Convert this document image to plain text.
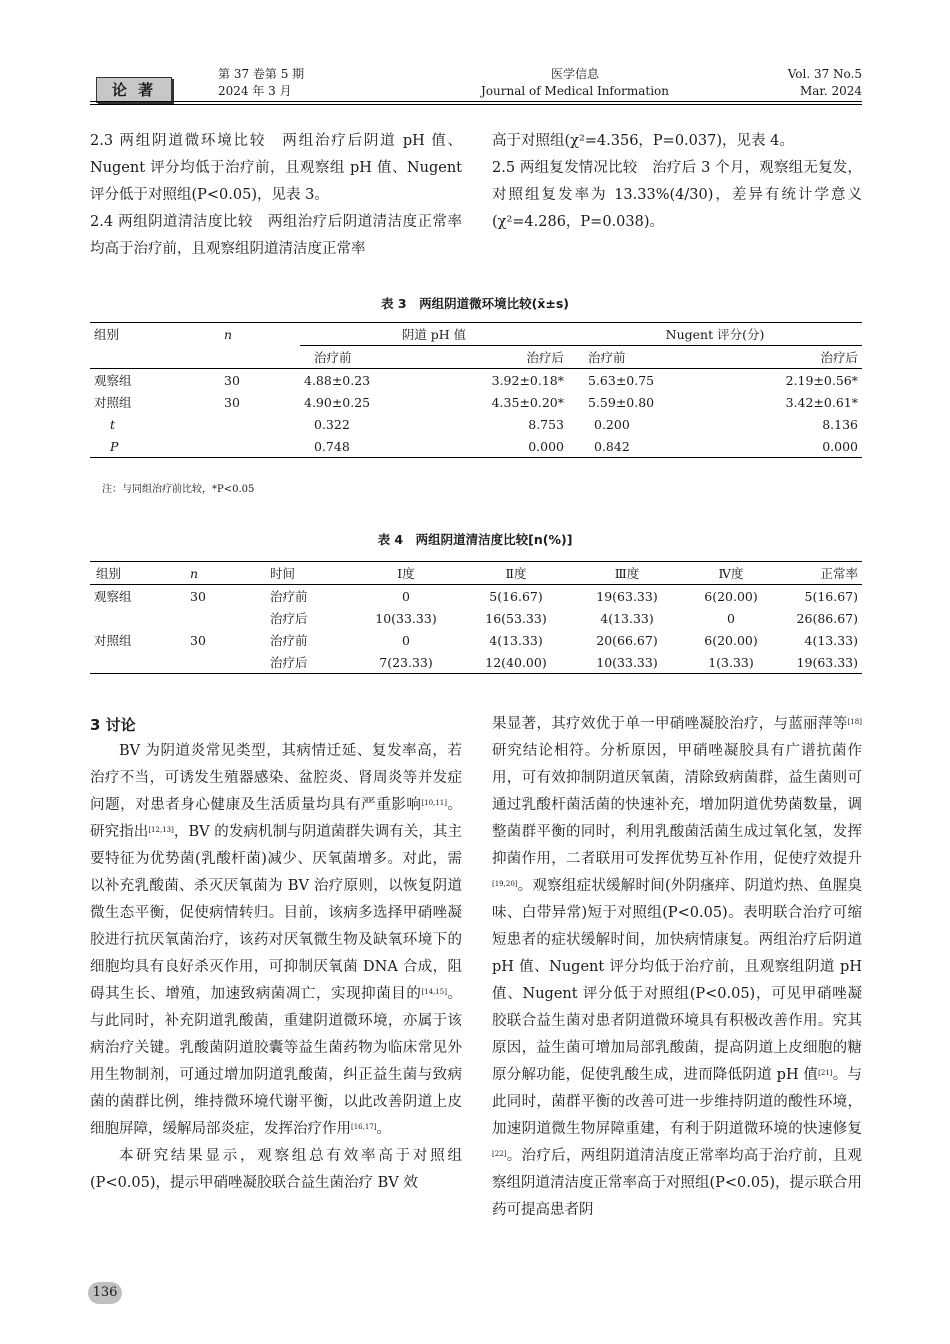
论 著
第 37 卷第 5 期
2024 年 3 月
医学信息
Journal of Medical Information
Vol. 37 No.5
Mar. 2024

2.3 两组阴道微环境比较　两组治疗后阴道 pH 值、Nugent 评分均低于治疗前，且观察组 pH 值、Nugent 评分低于对照组(P<0.05)，见表 3。

2.4 两组阴道清洁度比较　两组治疗后阴道清洁度正常率均高于治疗前，且观察组阴道清洁度正常率

高于对照组(χ²=4.356，P=0.037)，见表 4。

2.5 两组复发情况比较　治疗后 3 个月，观察组无复发，对照组复发率为 13.33%(4/30)，差异有统计学意义(χ²=4.286，P=0.038)。

表 3　两组阴道微环境比较(x̄±s)
组别	n	阴道 pH 值		Nugent 评分(分)	
		治疗前	治疗后	治疗前	治疗后
观察组	30	4.88±0.23	3.92±0.18*	5.63±0.75	2.19±0.56*
对照组	30	4.90±0.25	4.35±0.20*	5.59±0.80	3.42±0.61*
t		0.322	8.753	0.200	8.136
P		0.748	0.000	0.842	0.000
注：与同组治疗前比较，*P<0.05
表 4　两组阴道清洁度比较[n(%)]
组别	n	时间	Ⅰ度	Ⅱ度	Ⅲ度	Ⅳ度	正常率
观察组	30	治疗前	0	5(16.67)	19(63.33)	6(20.00)	5(16.67)
		治疗后	10(33.33)	16(53.33)	4(13.33)	0	26(86.67)
对照组	30	治疗前	0	4(13.33)	20(66.67)	6(20.00)	4(13.33)
		治疗后	7(23.33)	12(40.00)	10(33.33)	1(3.33)	19(63.33)
3 讨论

BV 为阴道炎常见类型，其病情迁延、复发率高，若治疗不当，可诱发生殖器感染、盆腔炎、肾周炎等并发症问题，对患者身心健康及生活质量均具有严重影响[10,11]。研究指出[12,13]，BV 的发病机制与阴道菌群失调有关，其主要特征为优势菌(乳酸杆菌)减少、厌氧菌增多。对此，需以补充乳酸菌、杀灭厌氧菌为 BV 治疗原则，以恢复阴道微生态平衡，促使病情转归。目前，该病多选择甲硝唑凝胶进行抗厌氧菌治疗，该药对厌氧微生物及缺氧环境下的细胞均具有良好杀灭作用，可抑制厌氧菌 DNA 合成，阻碍其生长、增殖，加速致病菌凋亡，实现抑菌目的[14,15]。与此同时，补充阴道乳酸菌，重建阴道微环境，亦属于该病治疗关键。乳酸菌阴道胶囊等益生菌药物为临床常见外用生物制剂，可通过增加阴道乳酸菌，纠正益生菌与致病菌的菌群比例，维持微环境代谢平衡，以此改善阴道上皮细胞屏障，缓解局部炎症，发挥治疗作用[16,17]。

本研究结果显示，观察组总有效率高于对照组(P<0.05)，提示甲硝唑凝胶联合益生菌治疗 BV 效

果显著，其疗效优于单一甲硝唑凝胶治疗，与蓝丽萍等[18]研究结论相符。分析原因，甲硝唑凝胶具有广谱抗菌作用，可有效抑制阴道厌氧菌，清除致病菌群，益生菌则可通过乳酸杆菌活菌的快速补充，增加阴道优势菌数量，调整菌群平衡的同时，利用乳酸菌活菌生成过氧化氢，发挥抑菌作用，二者联用可发挥优势互补作用，促使疗效提升[19,20]。观察组症状缓解时间(外阴瘙痒、阴道灼热、鱼腥臭味、白带异常)短于对照组(P<0.05)。表明联合治疗可缩短患者的症状缓解时间，加快病情康复。两组治疗后阴道 pH 值、Nugent 评分均低于治疗前，且观察组阴道 pH 值、Nugent 评分低于对照组(P<0.05)，可见甲硝唑凝胶联合益生菌对患者阴道微环境具有积极改善作用。究其原因，益生菌可增加局部乳酸菌，提高阴道上皮细胞的糖原分解功能，促使乳酸生成，进而降低阴道 pH 值[21]。与此同时，菌群平衡的改善可进一步维持阴道的酸性环境，加速阴道微生物屏障重建，有利于阴道微环境的快速修复[22]。治疗后，两组阴道清洁度正常率均高于治疗前，且观察组阴道清洁度正常率高于对照组(P<0.05)，提示联合用药可提高患者阴

136
